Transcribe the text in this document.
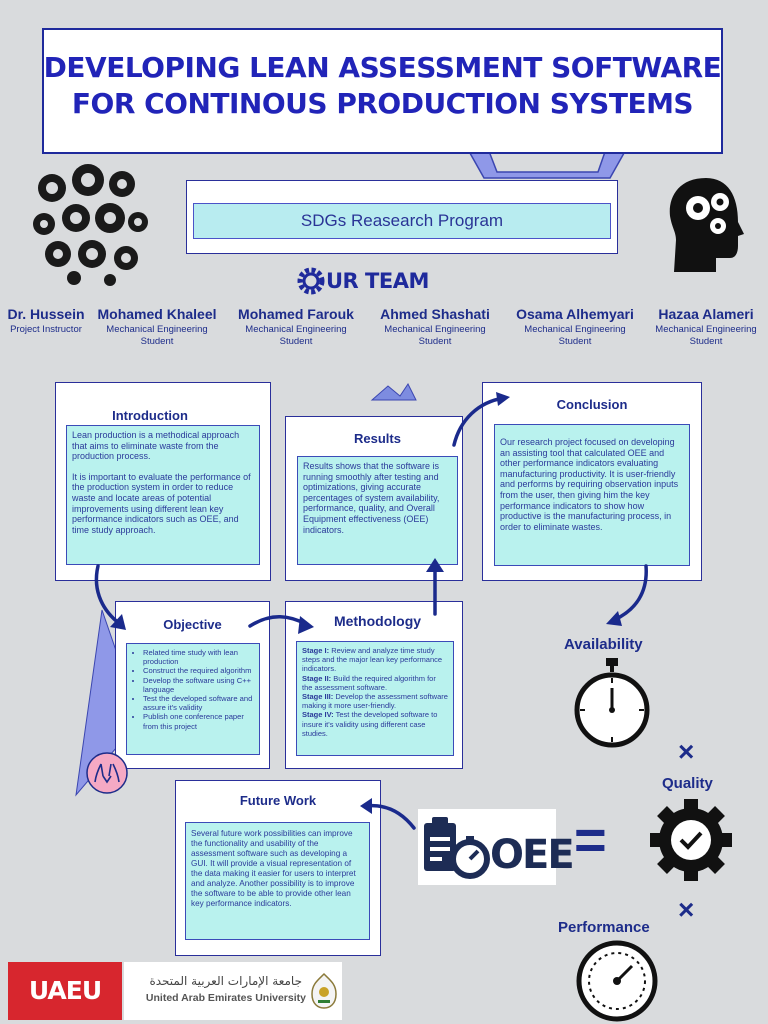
DEVELOPING LEAN ASSESSMENT SOFTWARE
FOR CONTINOUS PRODUCTION SYSTEMS
SDGs Reasearch Program
UR TEAM
Dr. Hussein
Project Instructor
Mohamed Khaleel
Mechanical Engineering Student
Mohamed Farouk
Mechanical Engineering Student
Ahmed Shashati
Mechanical Engineering Student
Osama Alhemyari
Mechanical Engineering Student
Hazaa Alameri
Mechanical Engineering Student
Introduction
Lean production is a methodical approach that aims to eliminate waste from the production process.
It is important to evaluate the performance of the production system in order to reduce waste and locate areas of potential improvements using different lean key performance indicators such as OEE, and time study approach.
Results
Results shows that the software is running smoothly after testing and optimizations, giving accurate percentages of system availability, performance, quality, and Overall Equipment effectiveness (OEE) indicators.
Conclusion
Our research project focused on developing an assisting tool that calculated OEE and other performance indicators evaluating manufacturing productivity. It is user-friendly and performs by requiring observation inputs from the user, then giving him the key performance indicators to show how productive is the manufacturing process, in order to eliminate wastes.
Objective
• Related time study with lean production
• Construct the required algorithm
• Develop the software using C++ language
• Test the developed software and assure it's validity
• Publish one conference paper from this project
Methodology
Stage I: Review and analyze time study steps and the major lean key performance indicators.
Stage II: Build the required algorithm for the assessment software.
Stage III: Develop the assessment software making it more user-friendly.
Stage IV: Test the developed software to insure it's validity using different case studies.
Future Work
Several future work possibilities can improve the functionality and usability of the assessment software such as developing a GUI. It will provide a visual representation of the data making it easier for users to interpret and analyze. Another possibility is to improve the software to be able to provide other lean key performance indicators.
OEE =
Availability
×
Quality
×
Performance
UAEU	جامعة الإمارات العربية المتحدة
United Arab Emirates University
